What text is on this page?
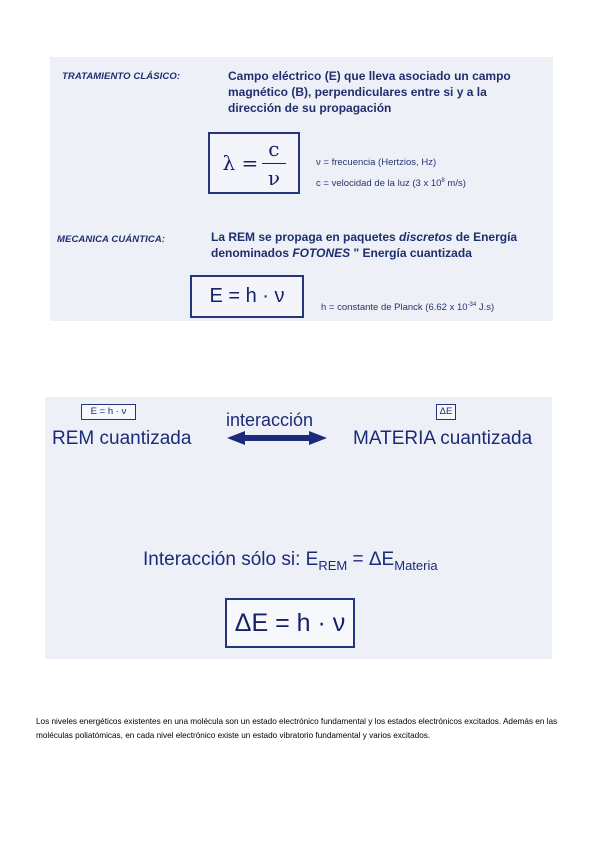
TRATAMIENTO CLÁSICO:	Campo eléctrico (E) que lleva asociado un campo magnético (B), perpendiculares entre si y a la dirección de su propagación
$\lambda = \frac{c}{\nu}$	ν = frecuencia (Hertzios, Hz)
c = velocidad de la luz (3 x $10^8$ m/s)
MECANICA CUÁNTICA:	La REM se propaga en paquetes discretos de Energía
denominados FOTONES " Energía cuantizada
E = h · ν
h = constante de Planck (6.62 x $10^{-34}$ J.s)
E = h · ν
REM cuantizada
interacción	ΔE
MATERIA cuantizada
Interacción sólo si: $E_{REM} = \Delta E_{Materia}$
ΔE = h · ν
Los niveles energéticos existentes en una molécula son un estado electrónico fundamental y los estados electrónicos excitados. Además en las moléculas poliatómicas, en cada nivel electrónico existe un estado vibratorio fundamental y varios excitados.
